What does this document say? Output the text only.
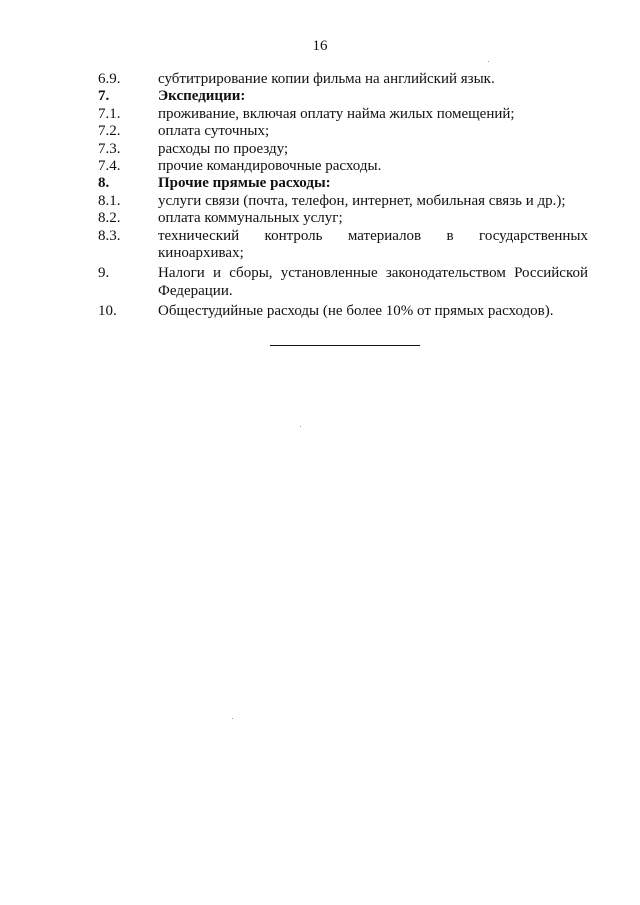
16
6.9.	субтитрирование копии фильма на английский язык.
7.	Экспедиции:
7.1.	проживание, включая оплату найма жилых помещений;
7.2.	оплата суточных;
7.3.	расходы по проезду;
7.4.	прочие командировочные расходы.
8.	Прочие прямые расходы:
8.1.	услуги связи (почта, телефон, интернет, мобильная связь и др.);
8.2.	оплата коммунальных услуг;
8.3.	технический контроль материалов в государственных киноархивах;
9.	Налоги и сборы, установленные законодательством Российской Федерации.
10.	Общестудийные расходы (не более 10% от прямых расходов).
